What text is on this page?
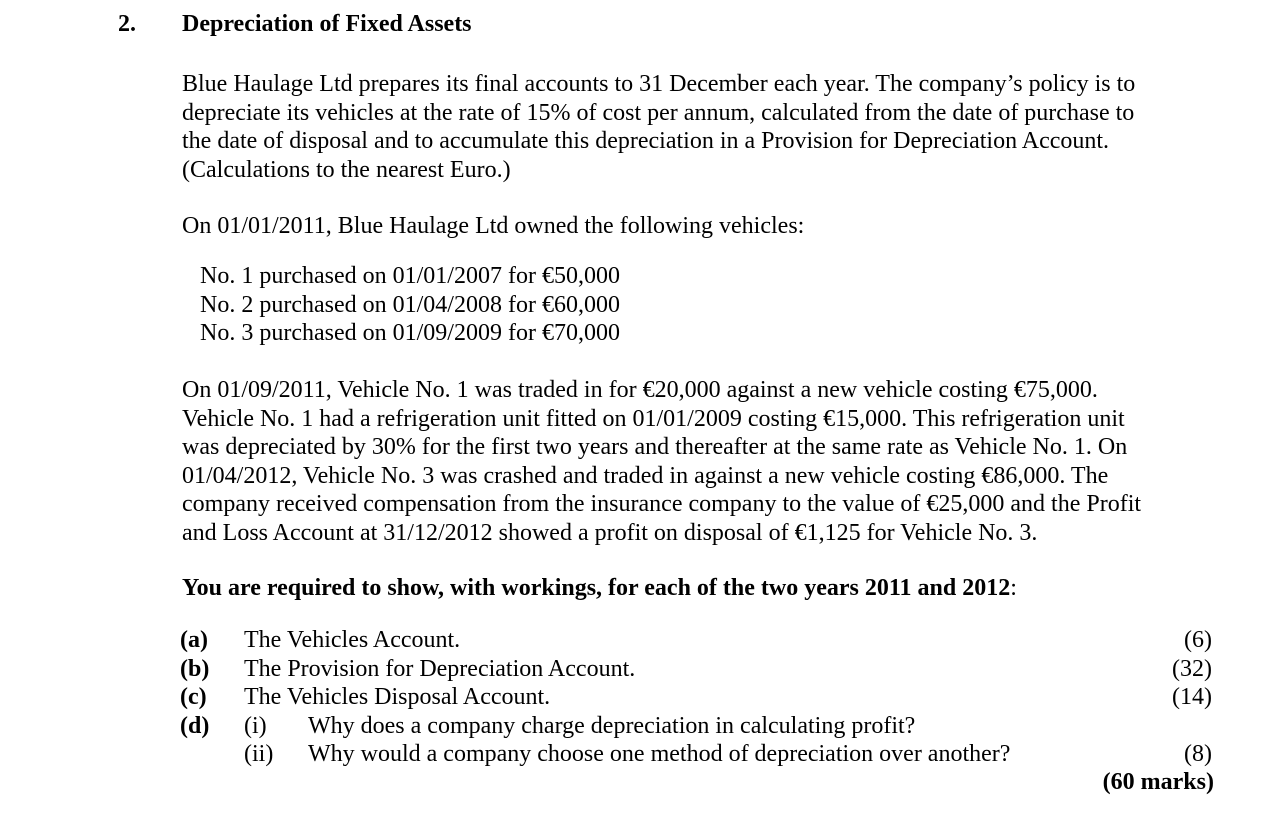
2. Depreciation of Fixed Assets
Blue Haulage Ltd prepares its final accounts to 31 December each year. The company’s policy is to
depreciate its vehicles at the rate of 15% of cost per annum, calculated from the date of purchase to
the date of disposal and to accumulate this depreciation in a Provision for Depreciation Account.
(Calculations to the nearest Euro.)
On 01/01/2011, Blue Haulage Ltd owned the following vehicles:
No. 1 purchased on 01/01/2007 for €50,000
No. 2 purchased on 01/04/2008 for €60,000
No. 3 purchased on 01/09/2009 for €70,000
On 01/09/2011, Vehicle No. 1 was traded in for €20,000 against a new vehicle costing €75,000.
Vehicle No. 1 had a refrigeration unit fitted on 01/01/2009 costing €15,000. This refrigeration unit
was depreciated by 30% for the first two years and thereafter at the same rate as Vehicle No. 1. On
01/04/2012, Vehicle No. 3 was crashed and traded in against a new vehicle costing €86,000. The
company received compensation from the insurance company to the value of €25,000 and the Profit
and Loss Account at 31/12/2012 showed a profit on disposal of €1,125 for Vehicle No. 3.
You are required to show, with workings, for each of the two years 2011 and 2012:
(a) The Vehicles Account.	(6)
(b) The Provision for Depreciation Account.	(32)
(c) The Vehicles Disposal Account.	(14)
(d) (i) Why does a company charge depreciation in calculating profit?
(ii) Why would a company choose one method of depreciation over another?	(8)
(60 marks)
